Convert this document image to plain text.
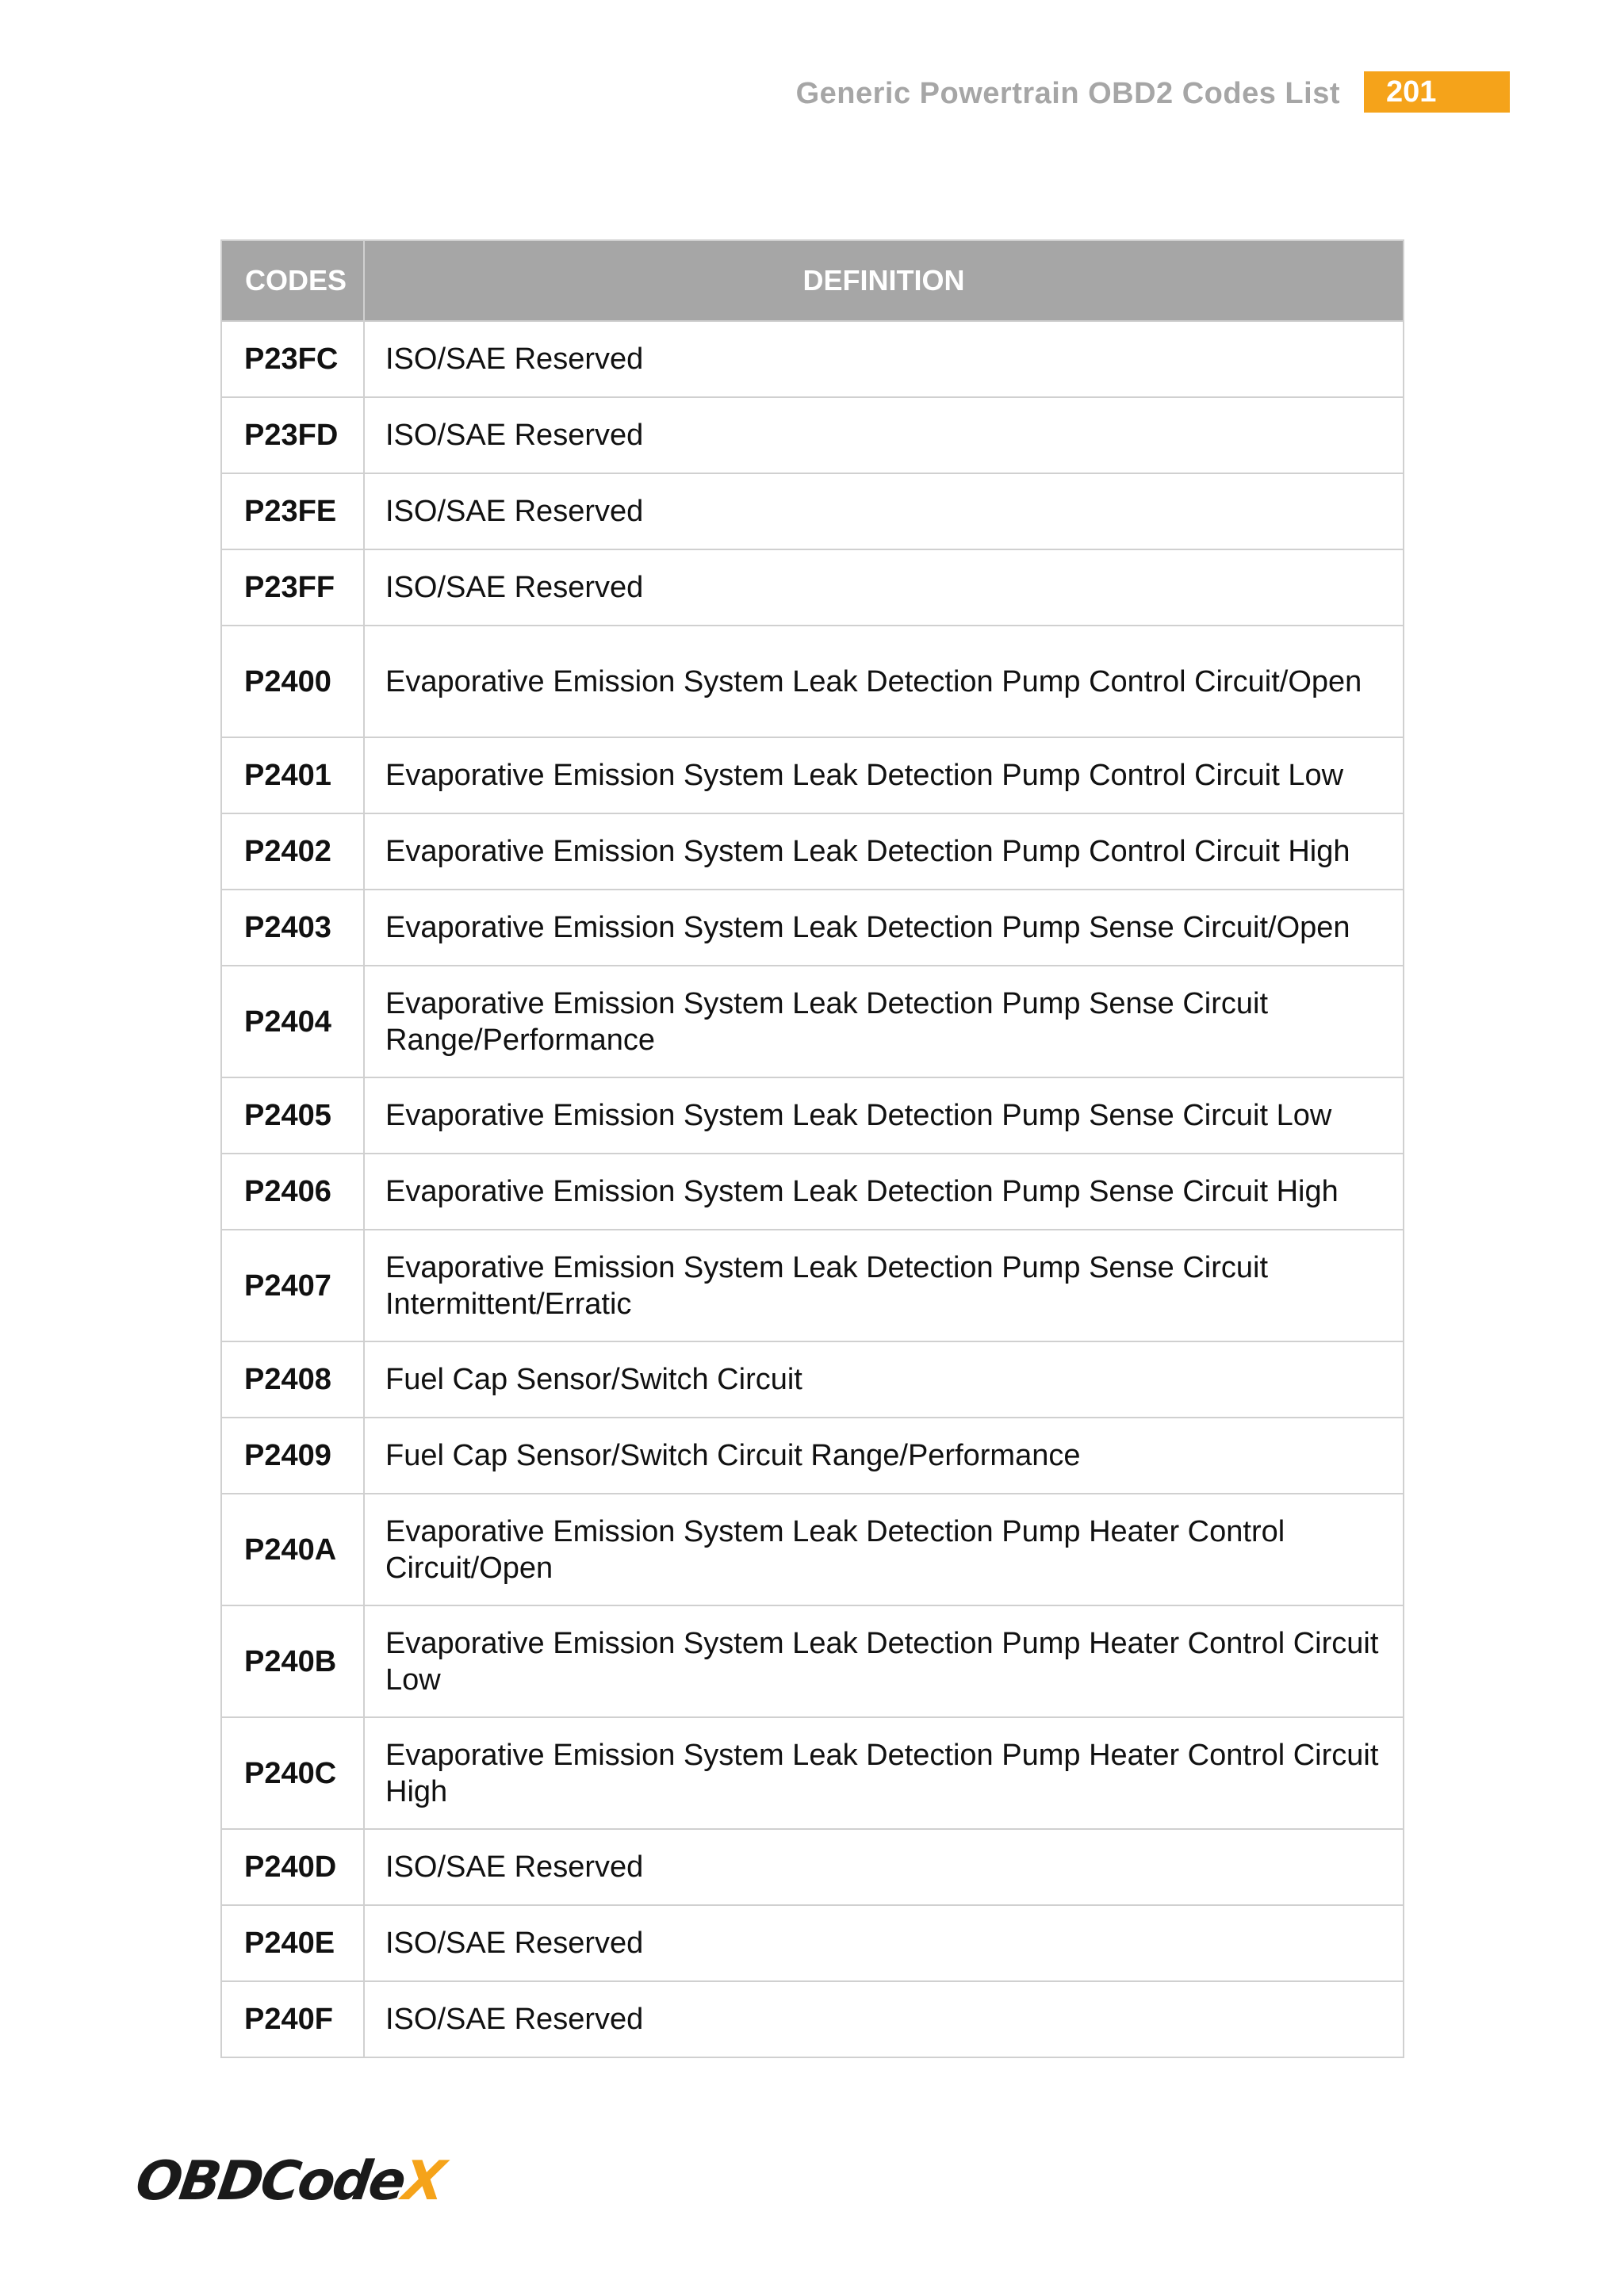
Generic Powertrain OBD2 Codes List	201
CODES	DEFINITION
P23FC	ISO/SAE Reserved
P23FD	ISO/SAE Reserved
P23FE	ISO/SAE Reserved
P23FF	ISO/SAE Reserved
P2400	Evaporative Emission System Leak Detection Pump Control Circuit/Open
P2401	Evaporative Emission System Leak Detection Pump Control Circuit Low
P2402	Evaporative Emission System Leak Detection Pump Control Circuit High
P2403	Evaporative Emission System Leak Detection Pump Sense Circuit/Open
P2404	Evaporative Emission System Leak Detection Pump Sense Circuit Range/Performance
P2405	Evaporative Emission System Leak Detection Pump Sense Circuit Low
P2406	Evaporative Emission System Leak Detection Pump Sense Circuit High
P2407	Evaporative Emission System Leak Detection Pump Sense Circuit Intermittent/Erratic
P2408	Fuel Cap Sensor/Switch Circuit
P2409	Fuel Cap Sensor/Switch Circuit Range/Performance
P240A	Evaporative Emission System Leak Detection Pump Heater Control Circuit/Open
P240B	Evaporative Emission System Leak Detection Pump Heater Control Circuit Low
P240C	Evaporative Emission System Leak Detection Pump Heater Control Circuit High
P240D	ISO/SAE Reserved
P240E	ISO/SAE Reserved
P240F	ISO/SAE Reserved
OBDCodeX
